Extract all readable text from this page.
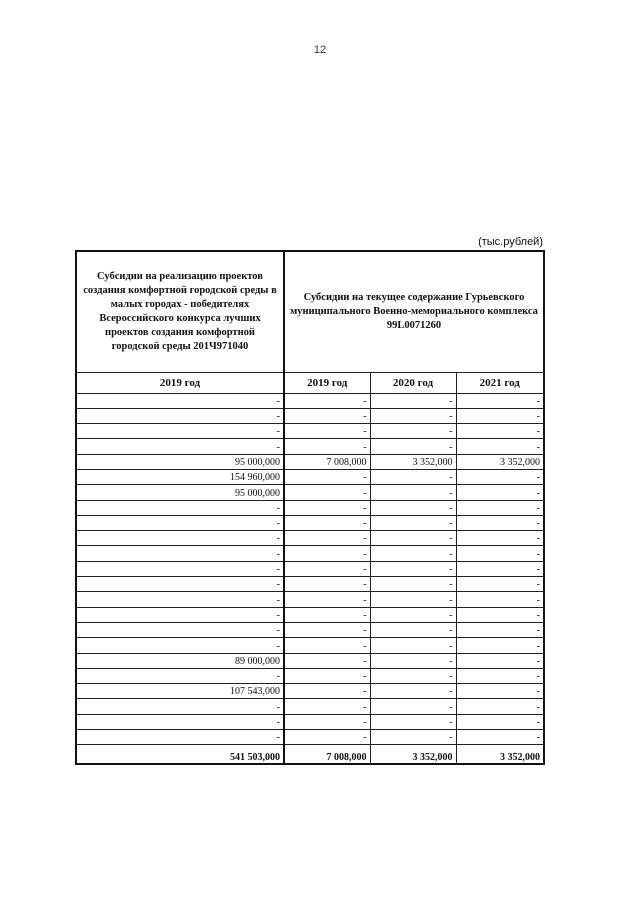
12
(тыс.рублей)
Субсидии на реализацию проектов создания комфортной городской среды в малых городах - победителях Всероссийского конкурса лучших проектов создания комфортной городской среды 201Ч971040	Субсидии на текущее содержание Гурьевского муниципального Военно-мемориального комплекса 99L0071260		
2019 год	2019 год	2020 год	2021 год
-	-	-	-
-	-	-	-
-	-	-	-
-	-	-	-
95 000,000	7 008,000	3 352,000	3 352,000
154 960,000	-	-	-
95 000,000	-	-	-
-	-	-	-
-	-	-	-
-	-	-	-
-	-	-	-
-	-	-	-
-	-	-	-
-	-	-	-
-	-	-	-
-	-	-	-
-	-	-	-
89 000,000	-	-	-
-	-	-	-
107 543,000	-	-	-
-	-	-	-
-	-	-	-
-	-	-	-
541 503,000	7 008,000	3 352,000	3 352,000
